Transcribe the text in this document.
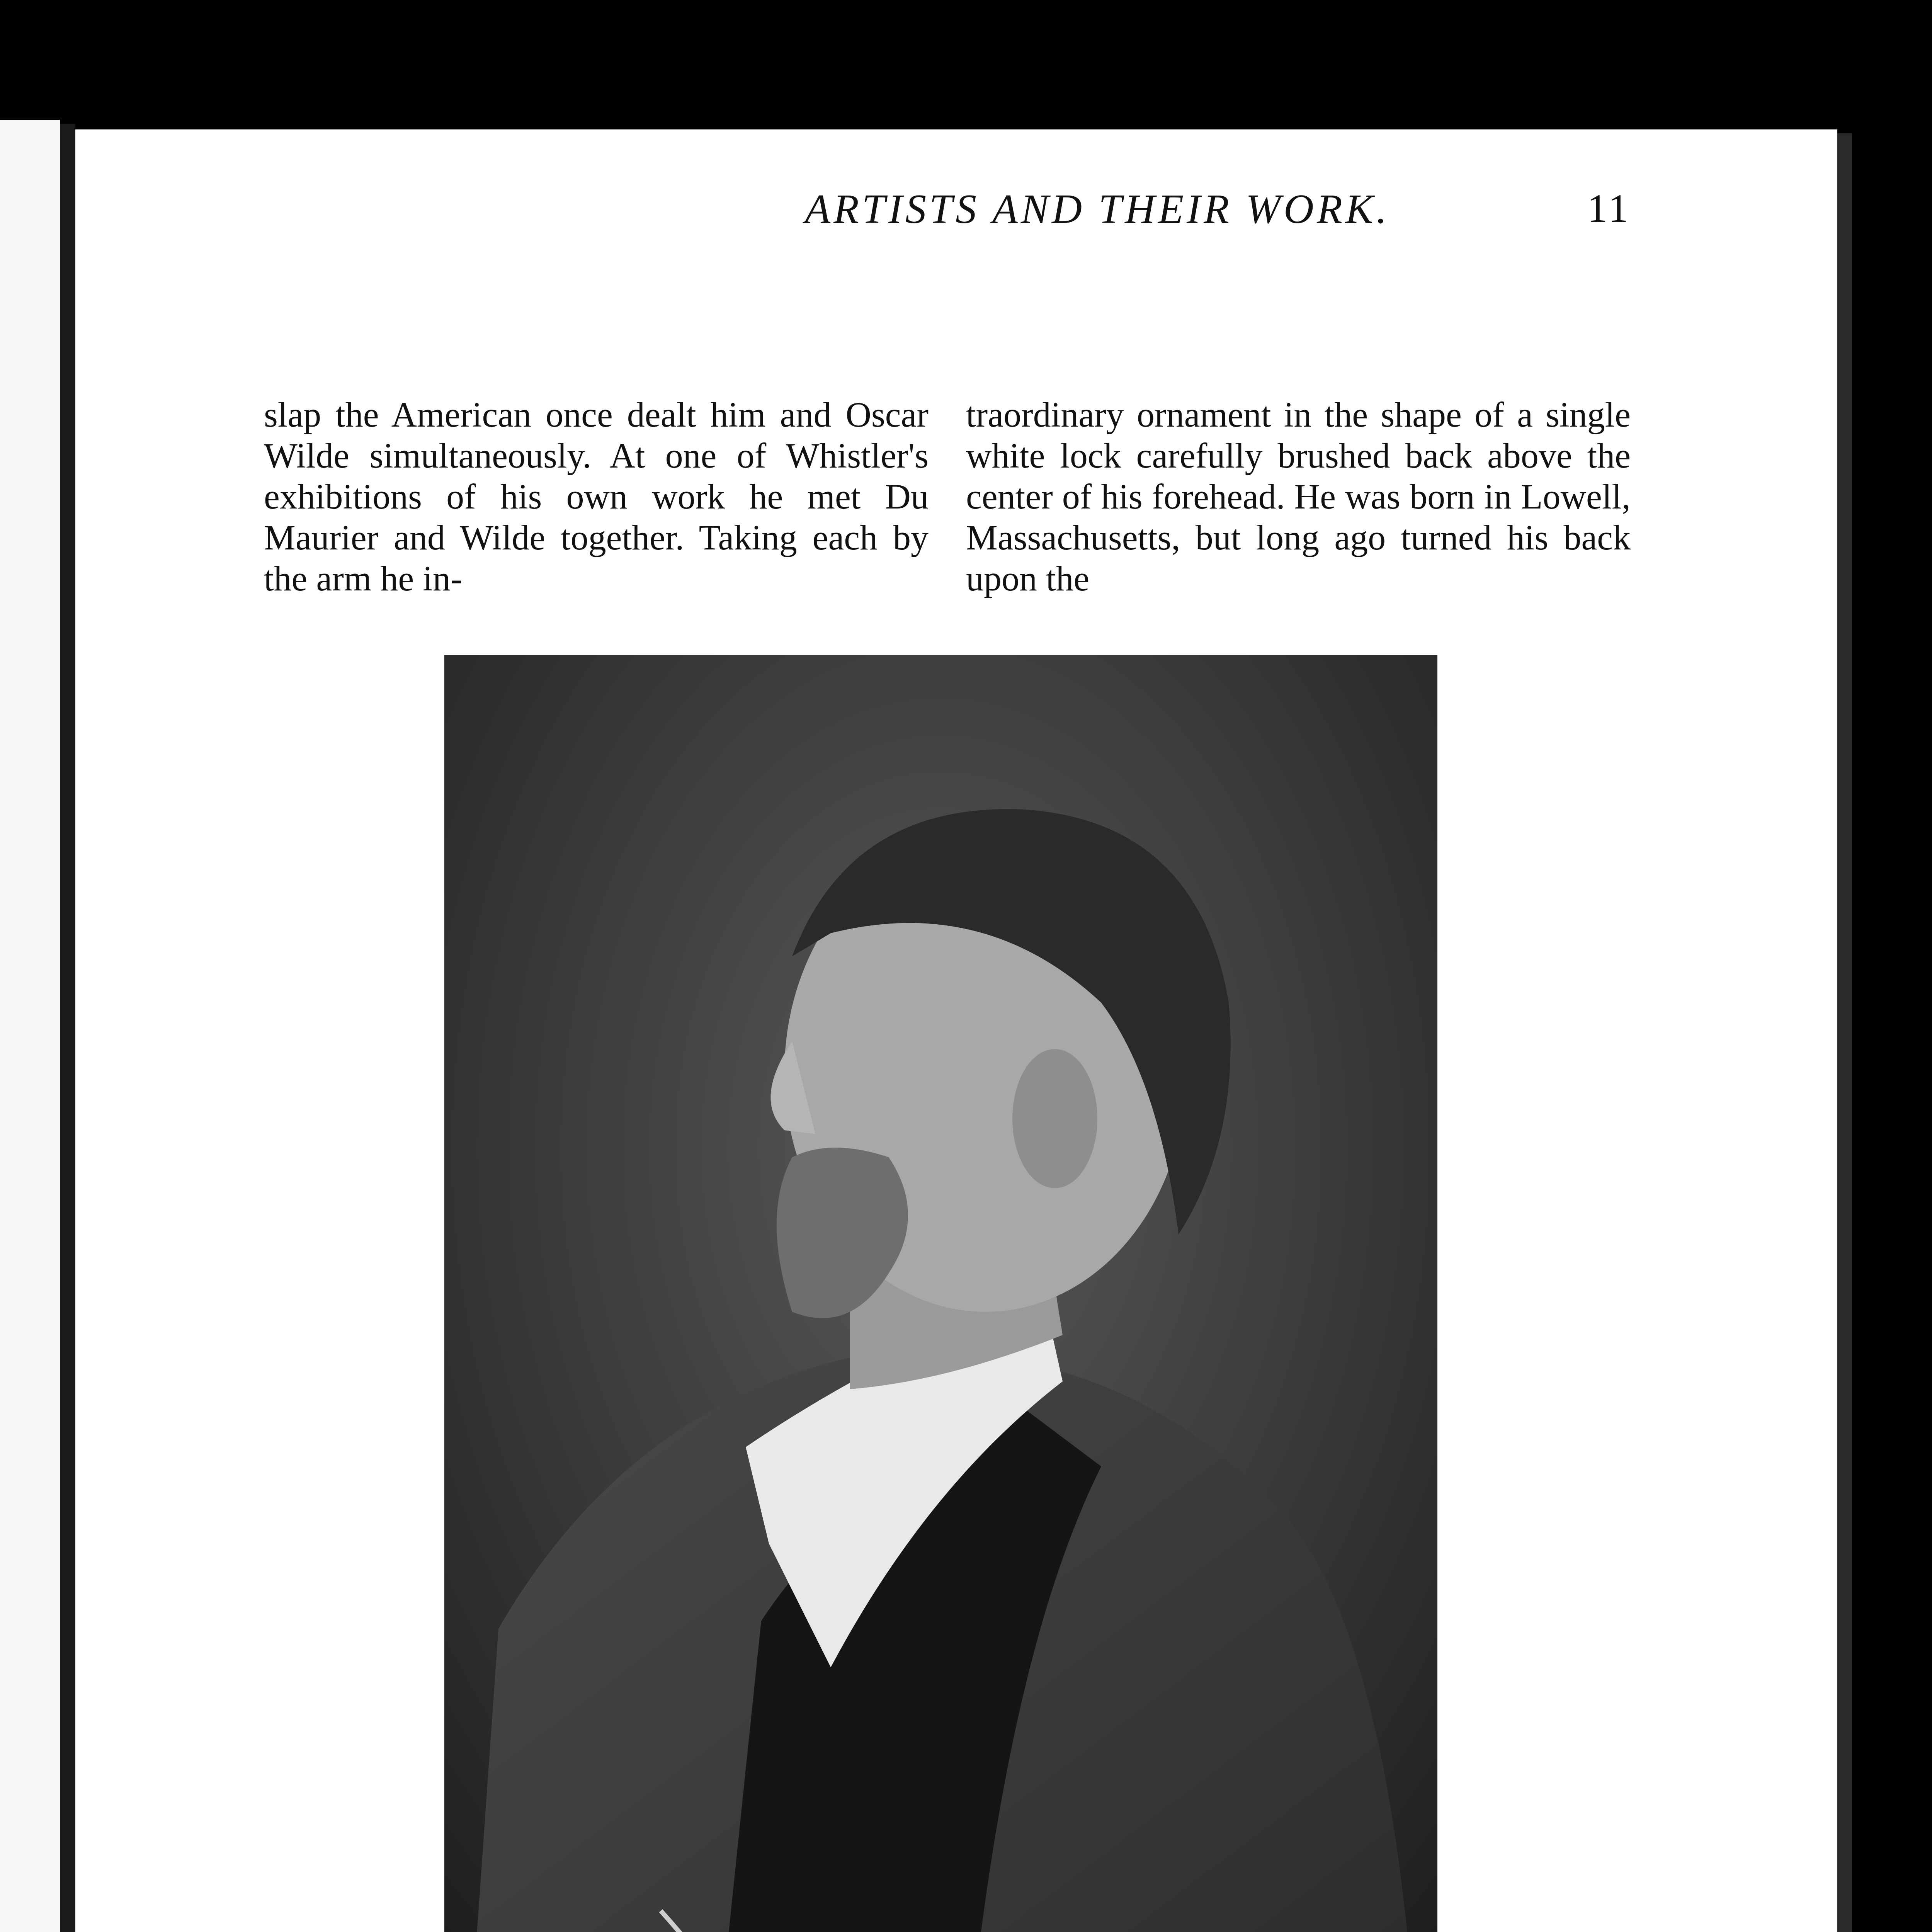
ARTISTS AND THEIR WORK.	11

slap the American once dealt him and Oscar Wilde simultaneously. At one of Whistler's exhibitions of his own work he met Du Maurier and Wilde together. Taking each by the arm he in-

traordinary ornament in the shape of a single white lock carefully brushed back above the center of his forehead. He was born in Lowell, Massachusetts, but long ago turned his back upon the
